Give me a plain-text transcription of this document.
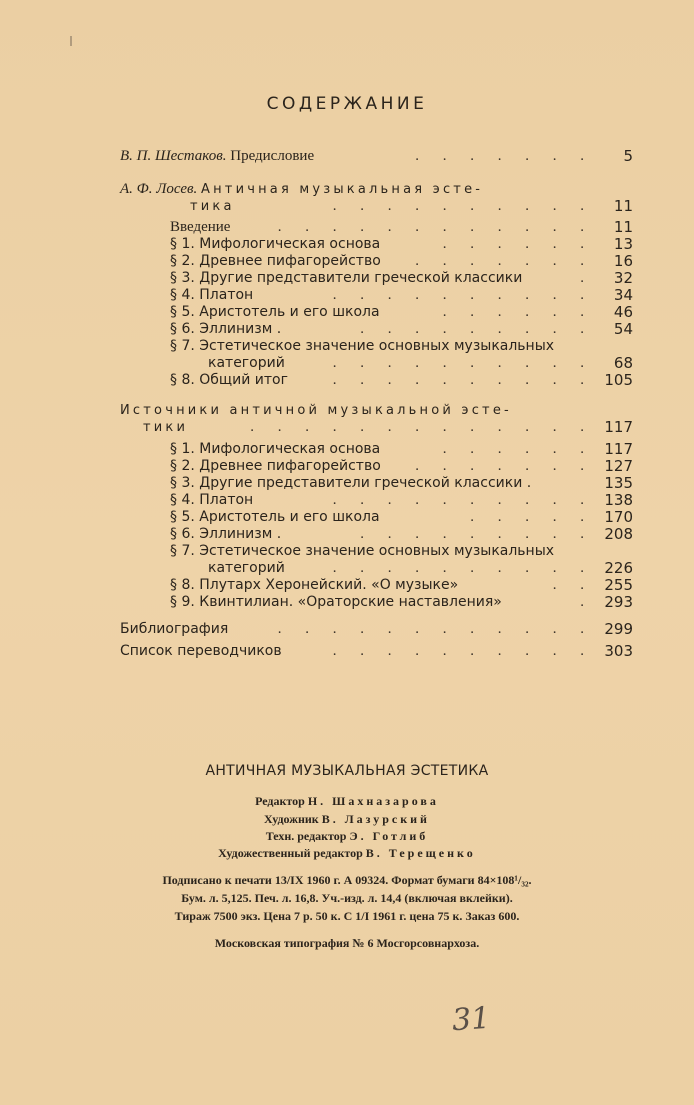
СОДЕРЖАНИЕ
В. П. Шестаков. Предисловие	. . . . . . . 5
А. Ф. Лосев. Античная музыкальная эсте-
тика	. . . . . . . . . . 11
Введение	. . . . . . . . . . . . 11
§ 1. Мифологическая основа	. . . . . . 13
§ 2. Древнее пифагорейство . . . . . . . 16
§ 3. Другие представители греческой классики	. 32
§ 4. Платон	. . . . . . . . . . 34
§ 5. Аристотель и его школа	. . . . . . 46
§ 6. Эллинизм .	. . . . . . . . . 54
§ 7. Эстетическое значение основных музыкальных
категорий	. . . . . . . . . . 68
§ 8. Общий итог	. . . . . . . . . . 105
Источники античной музыкальной эсте-
тики	. . . . . . . . . . . . . 117
§ 1. Мифологическая основа	. . . . . . 117
§ 2. Древнее пифагорейство . . . . . . . 127
§ 3. Другие представители греческой классики .	135
§ 4. Платон	. . . . . . . . . . 138
§ 5. Аристотель и его школа	. . . . . 170
§ 6. Эллинизм .	. . . . . . . . . 208
§ 7. Эстетическое значение основных музыкальных
категорий	. . . . . . . . . . 226
§ 8. Плутарх Херонейский. «О музыке»	. . 255
§ 9. Квинтилиан. «Ораторские наставления»	. 293
Библиография	. . . . . . . . . . . . 299
Список переводчиков	. . . . . . . . . . 303
АНТИЧНАЯ МУЗЫКАЛЬНАЯ ЭСТЕТИКА
Редактор Н. Шахназарова
Художник В. Лазурский
Техн. редактор Э. Готлиб
Художественный редактор В. Терещенко
Подписано к печати 13/IX 1960 г. А 09324. Формат бумаги 84×108¹/₃₂.
Бум. л. 5,125. Печ. л. 16,8. Уч.-изд. л. 14,4 (включая вклейки).
Тираж 7500 экз. Цена 7 р. 50 к. С 1/I 1961 г. цена 75 к. Заказ 600.
Московская типография № 6 Мосгорсовнархоза.
31
